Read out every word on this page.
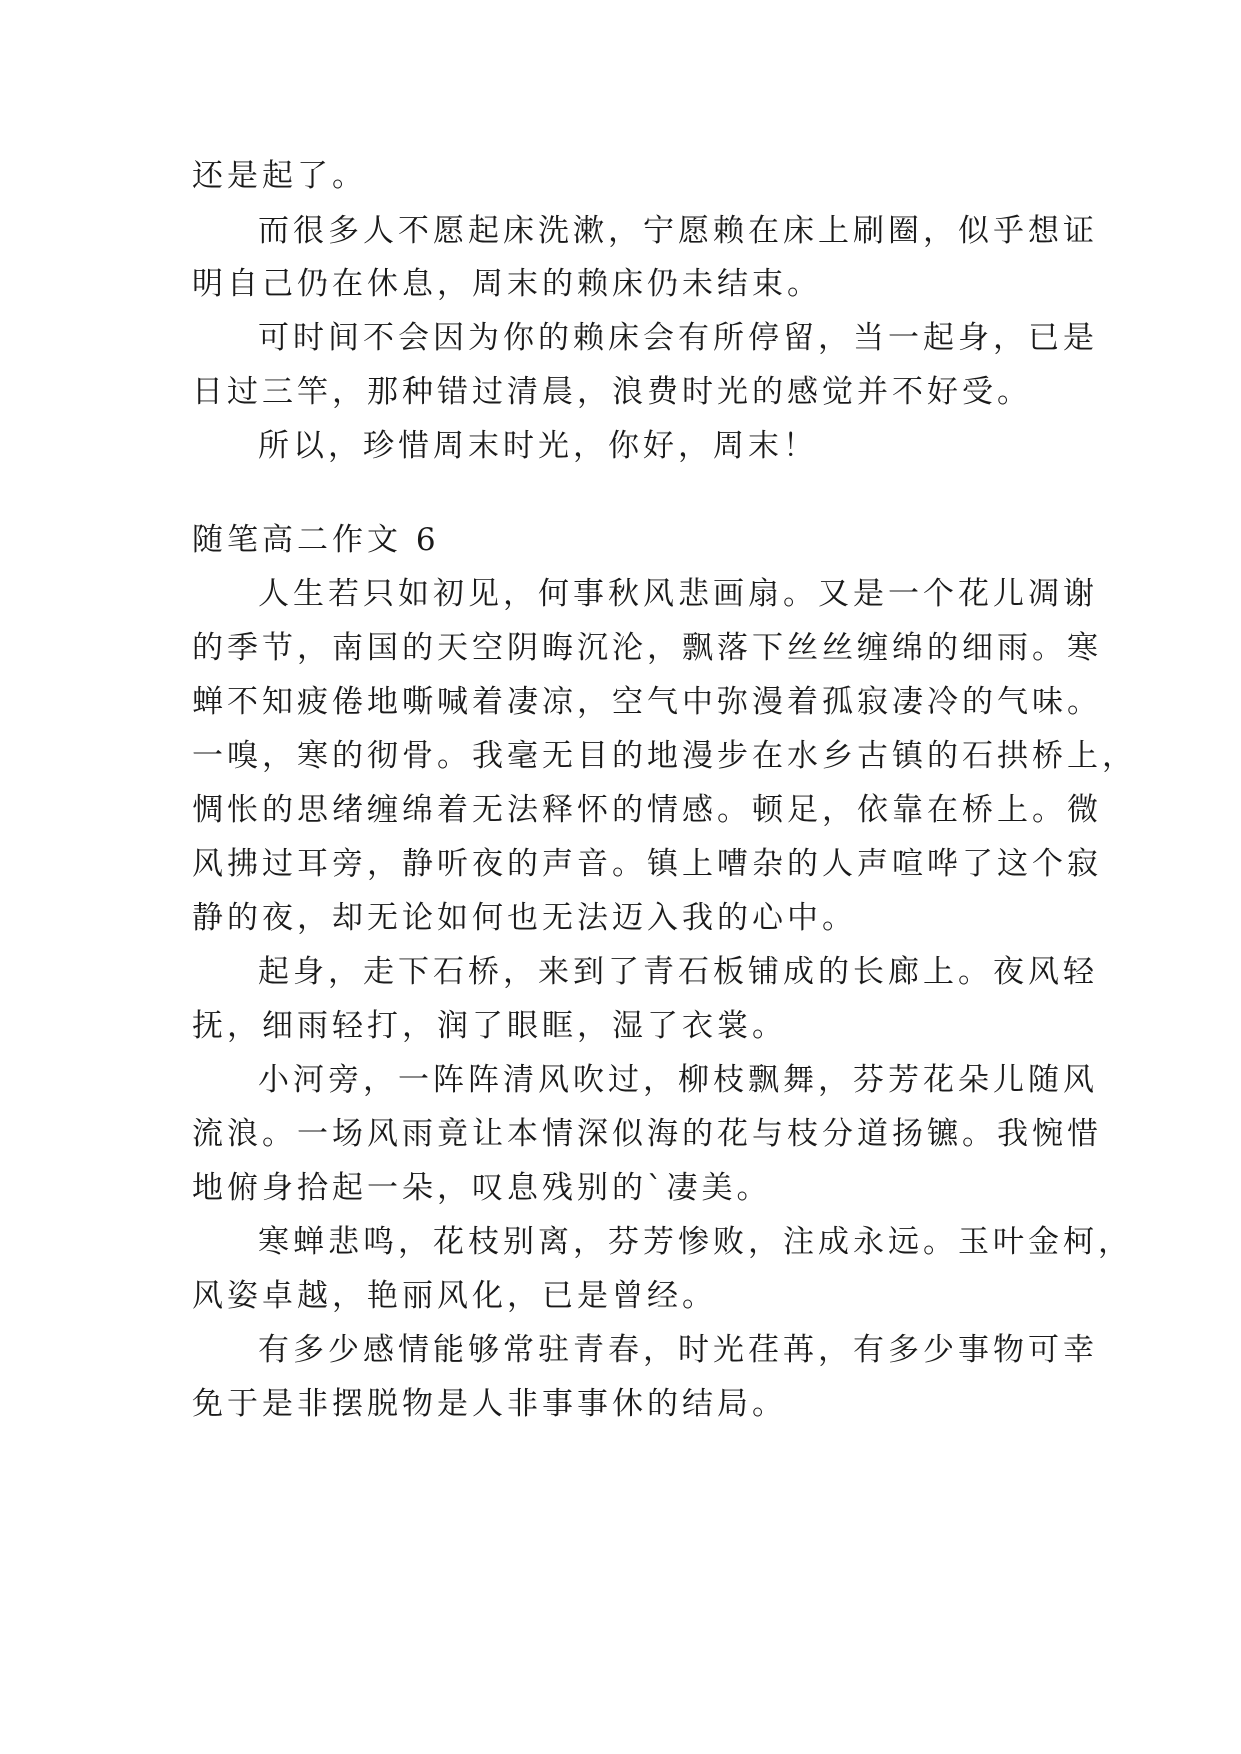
还是起了。
而很多人不愿起床洗漱，宁愿赖在床上刷圈，似乎想证
明自己仍在休息，周末的赖床仍未结束。
可时间不会因为你的赖床会有所停留，当一起身，已是
日过三竿，那种错过清晨，浪费时光的感觉并不好受。
所以，珍惜周末时光，你好，周末！
随笔高二作文 6
人生若只如初见，何事秋风悲画扇。又是一个花儿凋谢
的季节，南国的天空阴晦沉沦，飘落下丝丝缠绵的细雨。寒
蝉不知疲倦地嘶喊着凄凉，空气中弥漫着孤寂凄冷的气味。
一嗅，寒的彻骨。我毫无目的地漫步在水乡古镇的石拱桥上，
惆怅的思绪缠绵着无法释怀的情感。顿足，依靠在桥上。微
风拂过耳旁，静听夜的声音。镇上嘈杂的人声喧哗了这个寂
静的夜，却无论如何也无法迈入我的心中。
起身，走下石桥，来到了青石板铺成的长廊上。夜风轻
抚，细雨轻打，润了眼眶，湿了衣裳。
小河旁，一阵阵清风吹过，柳枝飘舞，芬芳花朵儿随风
流浪。一场风雨竟让本情深似海的花与枝分道扬镳。我惋惜
地俯身拾起一朵，叹息残别的`凄美。
寒蝉悲鸣，花枝别离，芬芳惨败，注成永远。玉叶金柯，
风姿卓越，艳丽风化，已是曾经。
有多少感情能够常驻青春，时光荏苒，有多少事物可幸
免于是非摆脱物是人非事事休的结局。
